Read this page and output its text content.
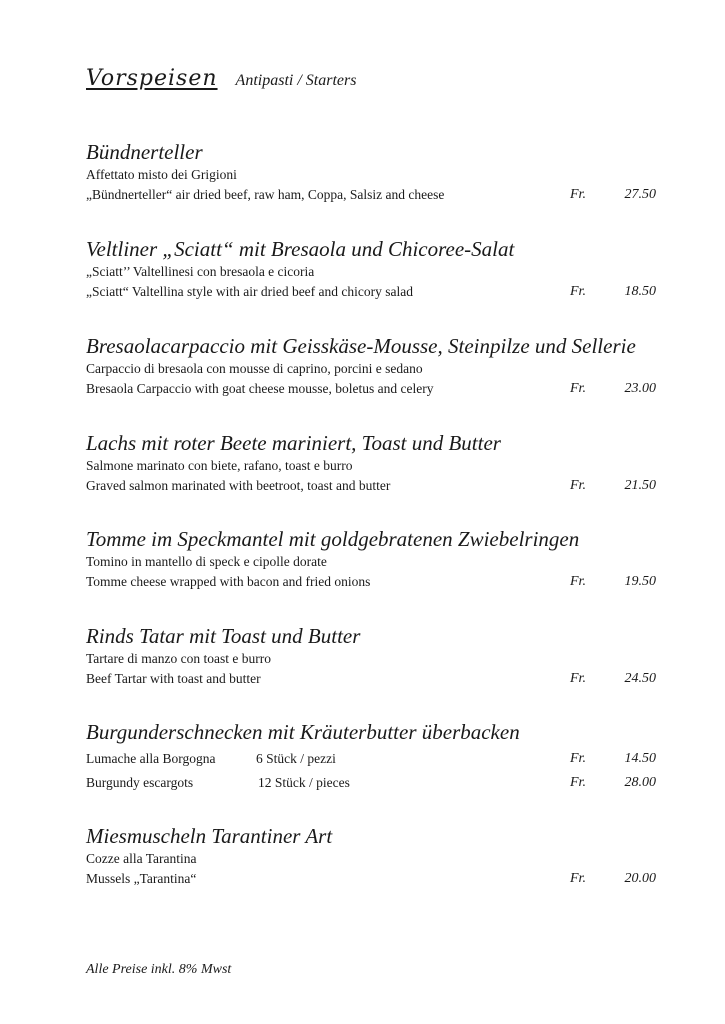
Vorspeisen Antipasti / Starters
Bündnerteller
Affettato misto dei Grigioni
„Bündnerteller“ air dried beef, raw ham, Coppa, Salsiz and cheese	Fr.	27.50
Veltliner „Sciatt“ mit Bresaola und Chicoree-Salat
„Sciatt’’ Valtellinesi con bresaola e cicoria
„Sciatt“ Valtellina style with air dried beef and chicory salad	Fr.	18.50
Bresaolacarpaccio mit Geisskäse-Mousse, Steinpilze und Sellerie
Carpaccio di bresaola con mousse di caprino, porcini e sedano
Bresaola Carpaccio with goat cheese mousse, boletus and celery	Fr.	23.00
Lachs mit roter Beete mariniert, Toast und Butter
Salmone marinato con biete, rafano, toast e burro
Graved salmon marinated with beetroot, toast and butter	Fr.	21.50
Tomme im Speckmantel mit goldgebratenen Zwiebelringen
Tomino in mantello di speck e cipolle dorate
Tomme cheese wrapped with bacon and fried onions	Fr.	19.50
Rinds Tatar mit Toast und Butter
Tartare di manzo con toast e burro
Beef Tartar with toast and butter	Fr.	24.50
Burgunderschnecken mit Kräuterbutter überbacken
Lumache alla Borgogna	6 Stück / pezzi	Fr.	14.50
Burgundy escargots	12 Stück / pieces	Fr.	28.00
Miesmuscheln Tarantiner Art
Cozze alla Tarantina
Mussels „Tarantina“	Fr.	20.00
Alle Preise inkl. 8% Mwst
